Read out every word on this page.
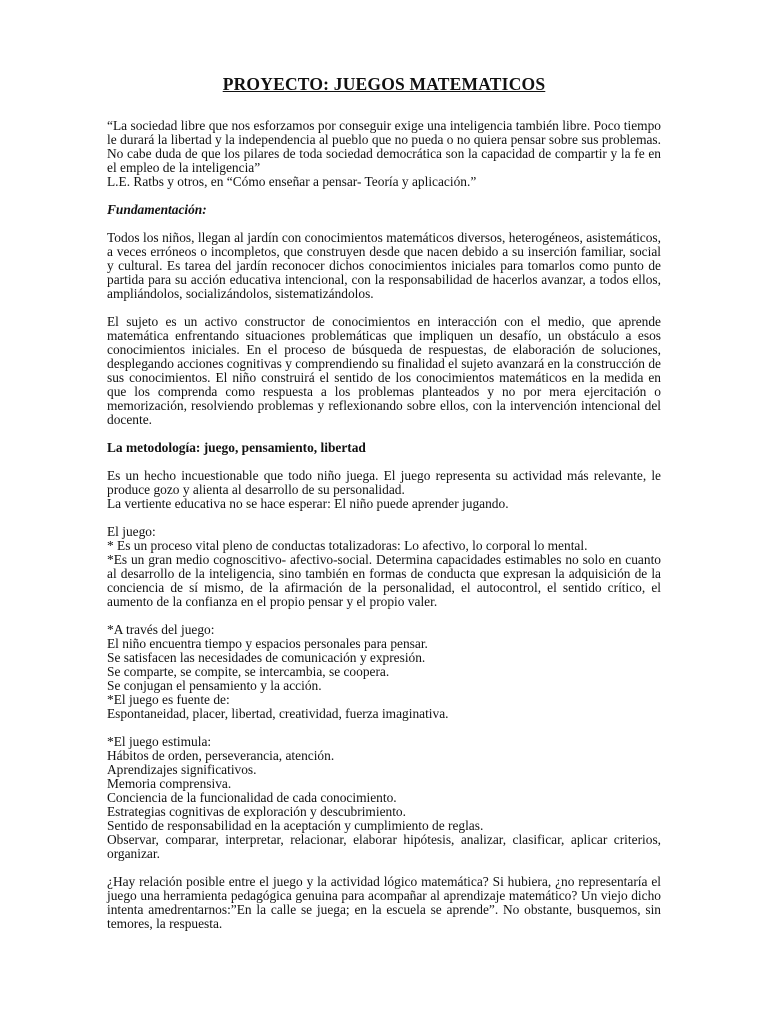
PROYECTO: JUEGOS MATEMATICOS
“La sociedad libre que nos esforzamos por conseguir exige una inteligencia también libre. Poco tiempo le durará la libertad y la independencia al pueblo que no pueda o no quiera pensar sobre sus problemas. No cabe duda de que los pilares de toda sociedad democrática son la capacidad de compartir y la fe en el empleo de la inteligencia”
L.E. Ratbs y otros, en “Cómo enseñar a pensar- Teoría y aplicación.”
Fundamentación:
Todos los niños, llegan al jardín con conocimientos matemáticos diversos, heterogéneos, asistemáticos, a veces erróneos o incompletos, que construyen desde que nacen debido a su inserción familiar, social y cultural. Es tarea del jardín reconocer dichos conocimientos iniciales para tomarlos como punto de partida para su acción educativa intencional, con la responsabilidad de hacerlos avanzar, a todos ellos, ampliándolos, socializándolos, sistematizándolos.
El sujeto es un activo constructor de conocimientos en interacción con el medio, que aprende matemática enfrentando situaciones problemáticas que impliquen un desafío, un obstáculo a esos conocimientos iniciales. En el proceso de búsqueda de respuestas, de elaboración de soluciones, desplegando acciones cognitivas y comprendiendo su finalidad el sujeto avanzará en la construcción de sus conocimientos. El niño construirá el sentido de los conocimientos matemáticos en la medida en que los comprenda como respuesta a los problemas planteados y no por mera ejercitación o memorización, resolviendo problemas y reflexionando sobre ellos, con la intervención intencional del docente.
La metodología: juego, pensamiento, libertad
Es un hecho incuestionable que todo niño juega. El juego representa su actividad más relevante, le produce gozo y alienta al desarrollo de su personalidad.
La vertiente educativa no se hace esperar: El niño puede aprender jugando.
El juego:
* Es un proceso vital pleno de conductas totalizadoras: Lo afectivo, lo corporal lo mental.
*Es un gran medio cognoscitivo- afectivo-social. Determina capacidades estimables no solo en cuanto al desarrollo de la inteligencia, sino también en formas de conducta que expresan la adquisición de la conciencia de sí mismo, de la afirmación de la personalidad, el autocontrol, el sentido crítico, el aumento de la confianza en el propio pensar y el propio valer.
*A través del juego:
El niño encuentra tiempo y espacios personales para pensar.
Se satisfacen las necesidades de comunicación y expresión.
Se comparte, se compite, se intercambia, se coopera.
Se conjugan el pensamiento y la acción.
*El juego es fuente de:
Espontaneidad, placer, libertad, creatividad, fuerza imaginativa.
*El juego estimula:
Hábitos de orden, perseverancia, atención.
Aprendizajes significativos.
Memoria comprensiva.
Conciencia de la funcionalidad de cada conocimiento.
Estrategias cognitivas de exploración y descubrimiento.
Sentido de responsabilidad en la aceptación y cumplimiento de reglas.
Observar, comparar, interpretar, relacionar, elaborar hipótesis, analizar, clasificar, aplicar criterios, organizar.
¿Hay relación posible entre el juego y la actividad lógico matemática? Si hubiera, ¿no representaría el juego una herramienta pedagógica genuina para acompañar al aprendizaje matemático? Un viejo dicho intenta amedrentarnos:”En la calle se juega; en la escuela se aprende”. No obstante, busquemos, sin temores, la respuesta.
